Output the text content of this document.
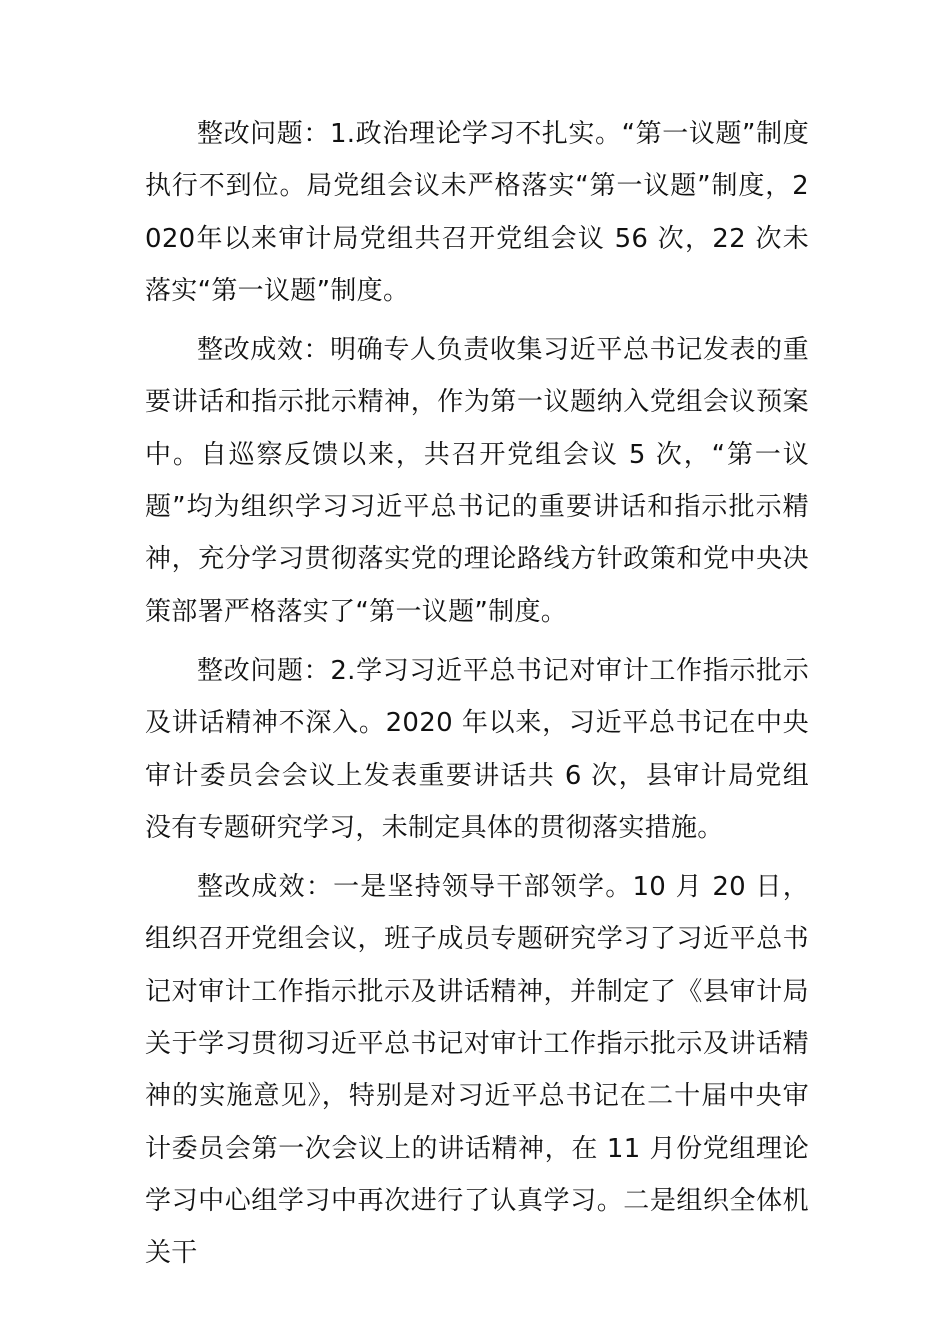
整改问题：1.政治理论学习不扎实。“第一议题”制度执行不到位。局党组会议未严格落实“第一议题”制度，2020年以来审计局党组共召开党组会议 56 次，22 次未落实“第一议题”制度。

整改成效：明确专人负责收集习近平总书记发表的重要讲话和指示批示精神，作为第一议题纳入党组会议预案中。自巡察反馈以来，共召开党组会议 5 次，“第一议题”均为组织学习习近平总书记的重要讲话和指示批示精神，充分学习贯彻落实党的理论路线方针政策和党中央决策部署严格落实了“第一议题”制度。

整改问题：2.学习习近平总书记对审计工作指示批示及讲话精神不深入。2020 年以来，习近平总书记在中央审计委员会会议上发表重要讲话共 6 次，县审计局党组没有专题研究学习，未制定具体的贯彻落实措施。

整改成效：一是坚持领导干部领学。10 月 20 日，组织召开党组会议，班子成员专题研究学习了习近平总书记对审计工作指示批示及讲话精神，并制定了《县审计局关于学习贯彻习近平总书记对审计工作指示批示及讲话精神的实施意见》，特别是对习近平总书记在二十届中央审计委员会第一次会议上的讲话精神，在 11 月份党组理论学习中心组学习中再次进行了认真学习。二是组织全体机关干
